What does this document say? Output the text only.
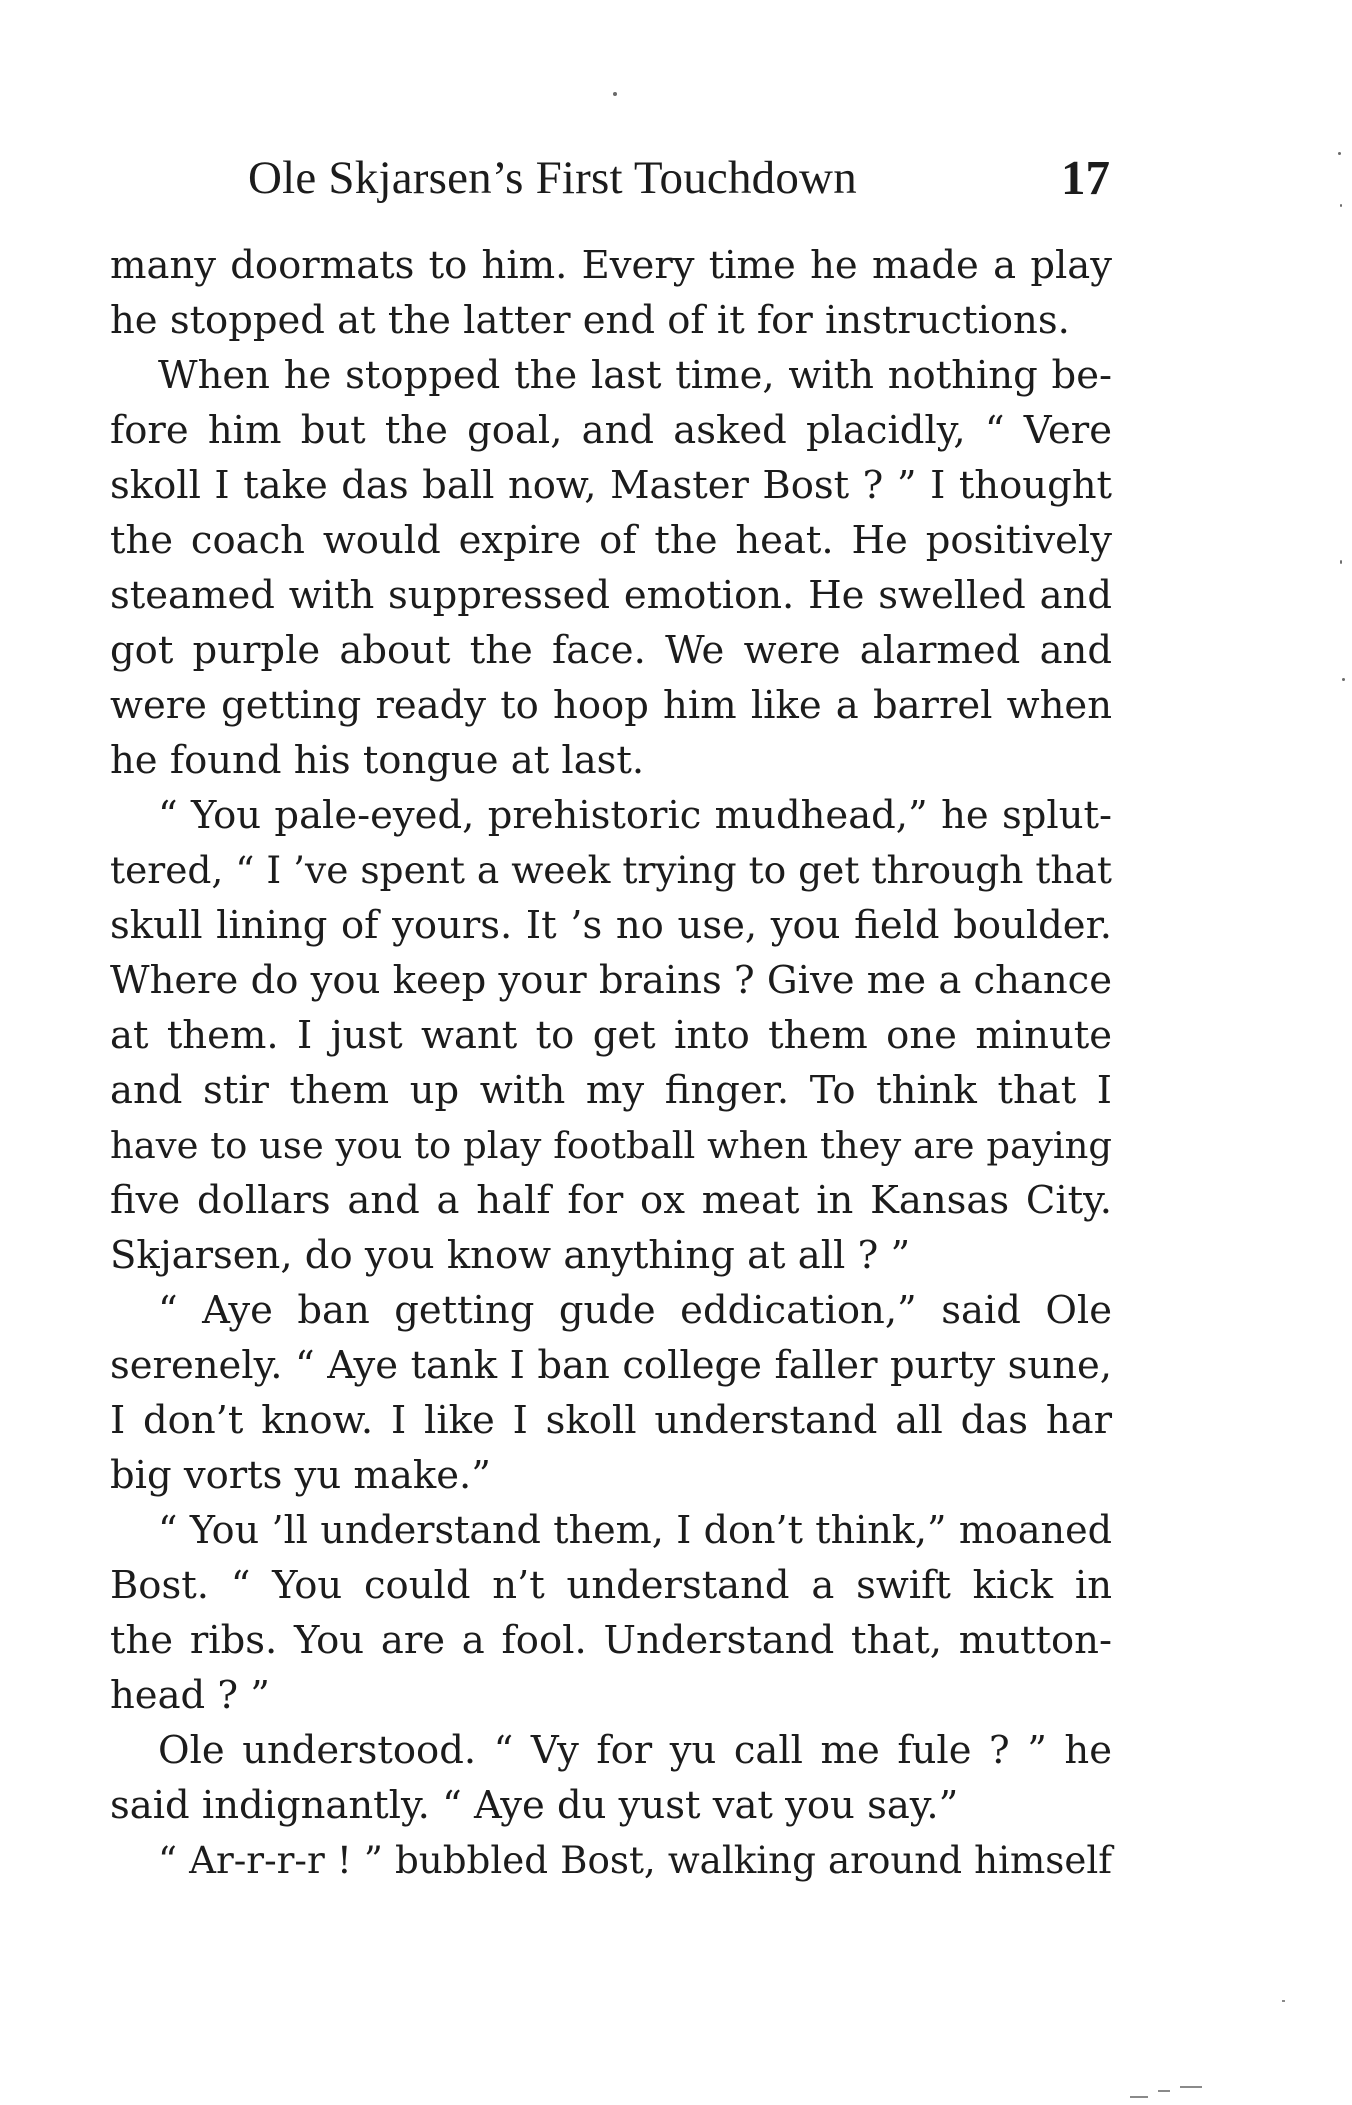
Ole Skjarsen’s First Touchdown	17
many doormats to him. Every time he made a play
he stopped at the latter end of it for instructions.
When he stopped the last time, with nothing be-
fore him but the goal, and asked placidly, “ Vere
skoll I take das ball now, Master Bost ? ” I thought
the coach would expire of the heat. He positively
steamed with suppressed emotion. He swelled and
got purple about the face. We were alarmed and
were getting ready to hoop him like a barrel when
he found his tongue at last.
“ You pale-eyed, prehistoric mudhead,” he splut-
tered, “ I ’ve spent a week trying to get through that
skull lining of yours. It ’s no use, you field boulder.
Where do you keep your brains ? Give me a chance
at them. I just want to get into them one minute
and stir them up with my finger. To think that I
have to use you to play football when they are paying
five dollars and a half for ox meat in Kansas City.
Skjarsen, do you know anything at all ? ”
“ Aye ban getting gude eddication,” said Ole
serenely. “ Aye tank I ban college faller purty sune,
I don’t know. I like I skoll understand all das har
big vorts yu make.”
“ You ’ll understand them, I don’t think,” moaned
Bost. “ You could n’t understand a swift kick in
the ribs. You are a fool. Understand that, mutton-
head ? ”
Ole understood. “ Vy for yu call me fule ? ” he
said indignantly. “ Aye du yust vat you say.”
“ Ar-r-r-r ! ” bubbled Bost, walking around himself
